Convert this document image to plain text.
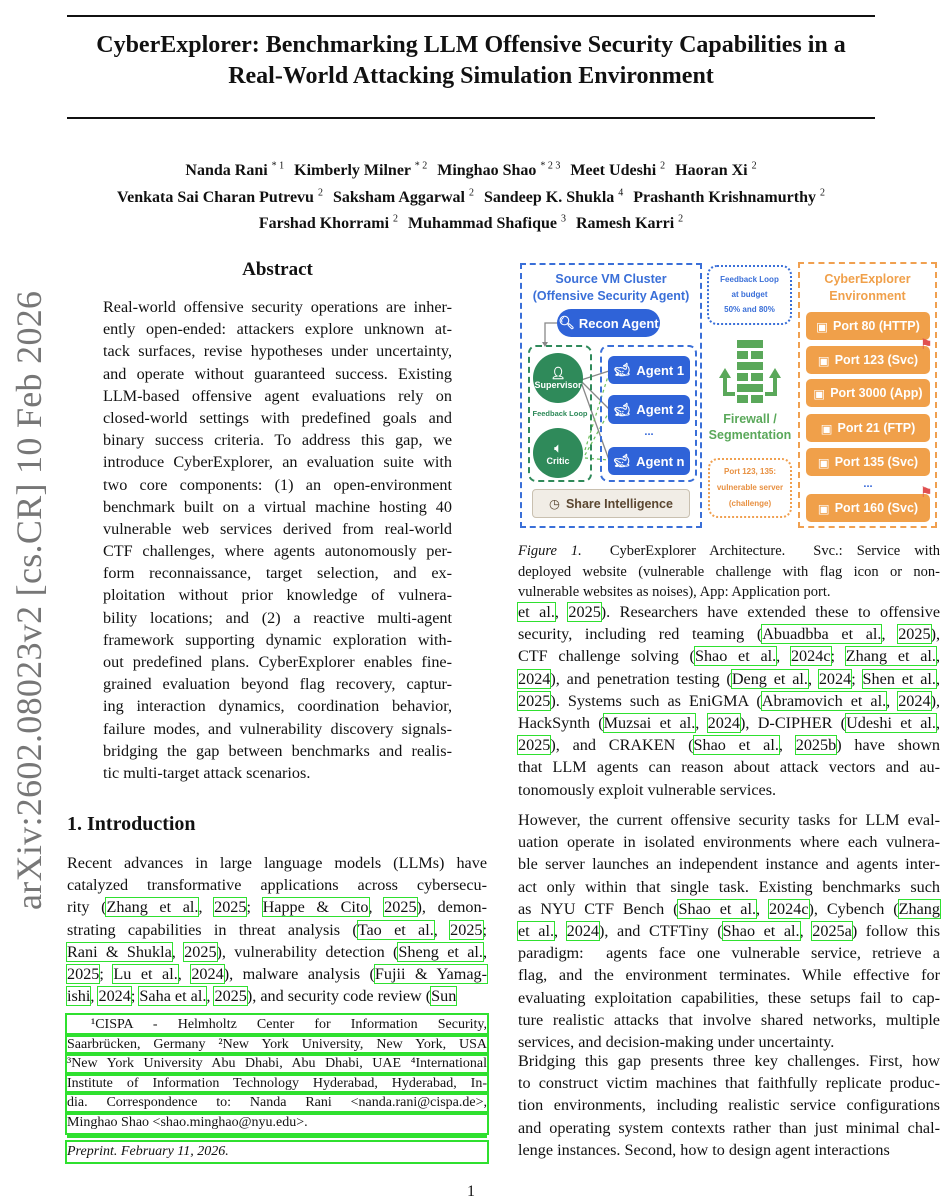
arXiv:2602.08023v2 [cs.CR] 10 Feb 2026
CyberExplorer: Benchmarking LLM Offensive Security Capabilities in a
Real-World Attacking Simulation Environment
Nanda Rani $^{* 1}$ Kimberly Milner $^{* 2}$ Minghao Shao $^{* 2 3}$ Meet Udeshi $^2$ Haoran Xi $^2$
Venkata Sai Charan Putrevu $^2$ Saksham Aggarwal $^2$ Sandeep K. Shukla $^4$ Prashanth Krishnamurthy $^2$
Farshad Khorrami $^2$ Muhammad Shafique $^3$ Ramesh Karri $^2$
Abstract
Real-world offensive security operations are inher-
ently open-ended: attackers explore unknown at-
tack surfaces, revise hypotheses under uncertainty,
and operate without guaranteed success. Existing
LLM-based offensive agent evaluations rely on
closed-world settings with predefined goals and
binary success criteria. To address this gap, we
introduce CyberExplorer, an evaluation suite with
two core components: (1) an open-environment
benchmark built on a virtual machine hosting 40
vulnerable web services derived from real-world
CTF challenges, where agents autonomously per-
form reconnaissance, target selection, and ex-
ploitation without prior knowledge of vulnera-
bility locations; and (2) a reactive multi-agent
framework supporting dynamic exploration with-
out predefined plans. CyberExplorer enables fine-
grained evaluation beyond flag recovery, captur-
ing interaction dynamics, coordination behavior,
failure modes, and vulnerability discovery signals-
bridging the gap between benchmarks and realis-
tic multi-target attack scenarios.
1. Introduction
Recent advances in large language models (LLMs) have
catalyzed transformative applications across cybersecu-
rity (Zhang et al., 2025; Happe & Cito, 2025), demon-
strating capabilities in threat analysis (Tao et al., 2025;
Rani & Shukla, 2025), vulnerability detection (Sheng et al.,
2025; Lu et al., 2024), malware analysis (Fujii & Yamag-
ishi, 2024; Saha et al., 2025), and security code review (Sun
¹CISPA - Helmholtz Center for Information Security,
Saarbrücken, Germany ²New York University, New York, USA
³New York University Abu Dhabi, Abu Dhabi, UAE ⁴International
Institute of Information Technology Hyderabad, Hyderabad, In-
dia. Correspondence to: Nanda Rani <nanda.rani@cispa.de>,
Minghao Shao <shao.minghao@nyu.edu>.
Preprint. February 11, 2026.
Source VM Cluster
(Offensive Security Agent)
🔍︎ Recon Agent
👤︎
Supervisor
Feedback Loop
🔈︎
Critic
🐋︎ Agent 1
🐋︎ Agent 2
...
🐋︎ Agent n
◷ Share Intelligence
Feedback Loop
at budget
50% and 80%
Firewall /
Segmentation
Port 123, 135:
vulnerable server
(challenge)
CyberExplorer
Environment
▣ Port 80 (HTTP)
▣ Port 123 (Svc)
⚑
▣ Port 3000 (App)
▣ Port 21 (FTP)
▣ Port 135 (Svc)
...
▣ Port 160 (Svc)
⚑
Figure 1.  CyberExplorer Architecture.  Svc.: Service with
deployed website (vulnerable challenge with flag icon or non-
vulnerable websites as noises), App: Application port.
et al., 2025). Researchers have extended these to offensive
security, including red teaming (Abuadbba et al., 2025),
CTF challenge solving (Shao et al., 2024c; Zhang et al.,
2024), and penetration testing (Deng et al., 2024; Shen et al.,
2025). Systems such as EniGMA (Abramovich et al., 2024),
HackSynth (Muzsai et al., 2024), D-CIPHER (Udeshi et al.,
2025), and CRAKEN (Shao et al., 2025b) have shown
that LLM agents can reason about attack vectors and au-
tonomously exploit vulnerable services.
However, the current offensive security tasks for LLM eval-
uation operate in isolated environments where each vulnera-
ble server launches an independent instance and agents inter-
act only within that single task. Existing benchmarks such
as NYU CTF Bench (Shao et al., 2024c), Cybench (Zhang
et al., 2024), and CTFTiny (Shao et al., 2025a) follow this
paradigm:  agents face one vulnerable service, retrieve a
flag, and the environment terminates. While effective for
evaluating exploitation capabilities, these setups fail to cap-
ture realistic attacks that involve shared networks, multiple
services, and decision-making under uncertainty.
Bridging this gap presents three key challenges. First, how
to construct victim machines that faithfully replicate produc-
tion environments, including realistic service configurations
and operating system contexts rather than just minimal chal-
lenge instances. Second, how to design agent interactions
1
